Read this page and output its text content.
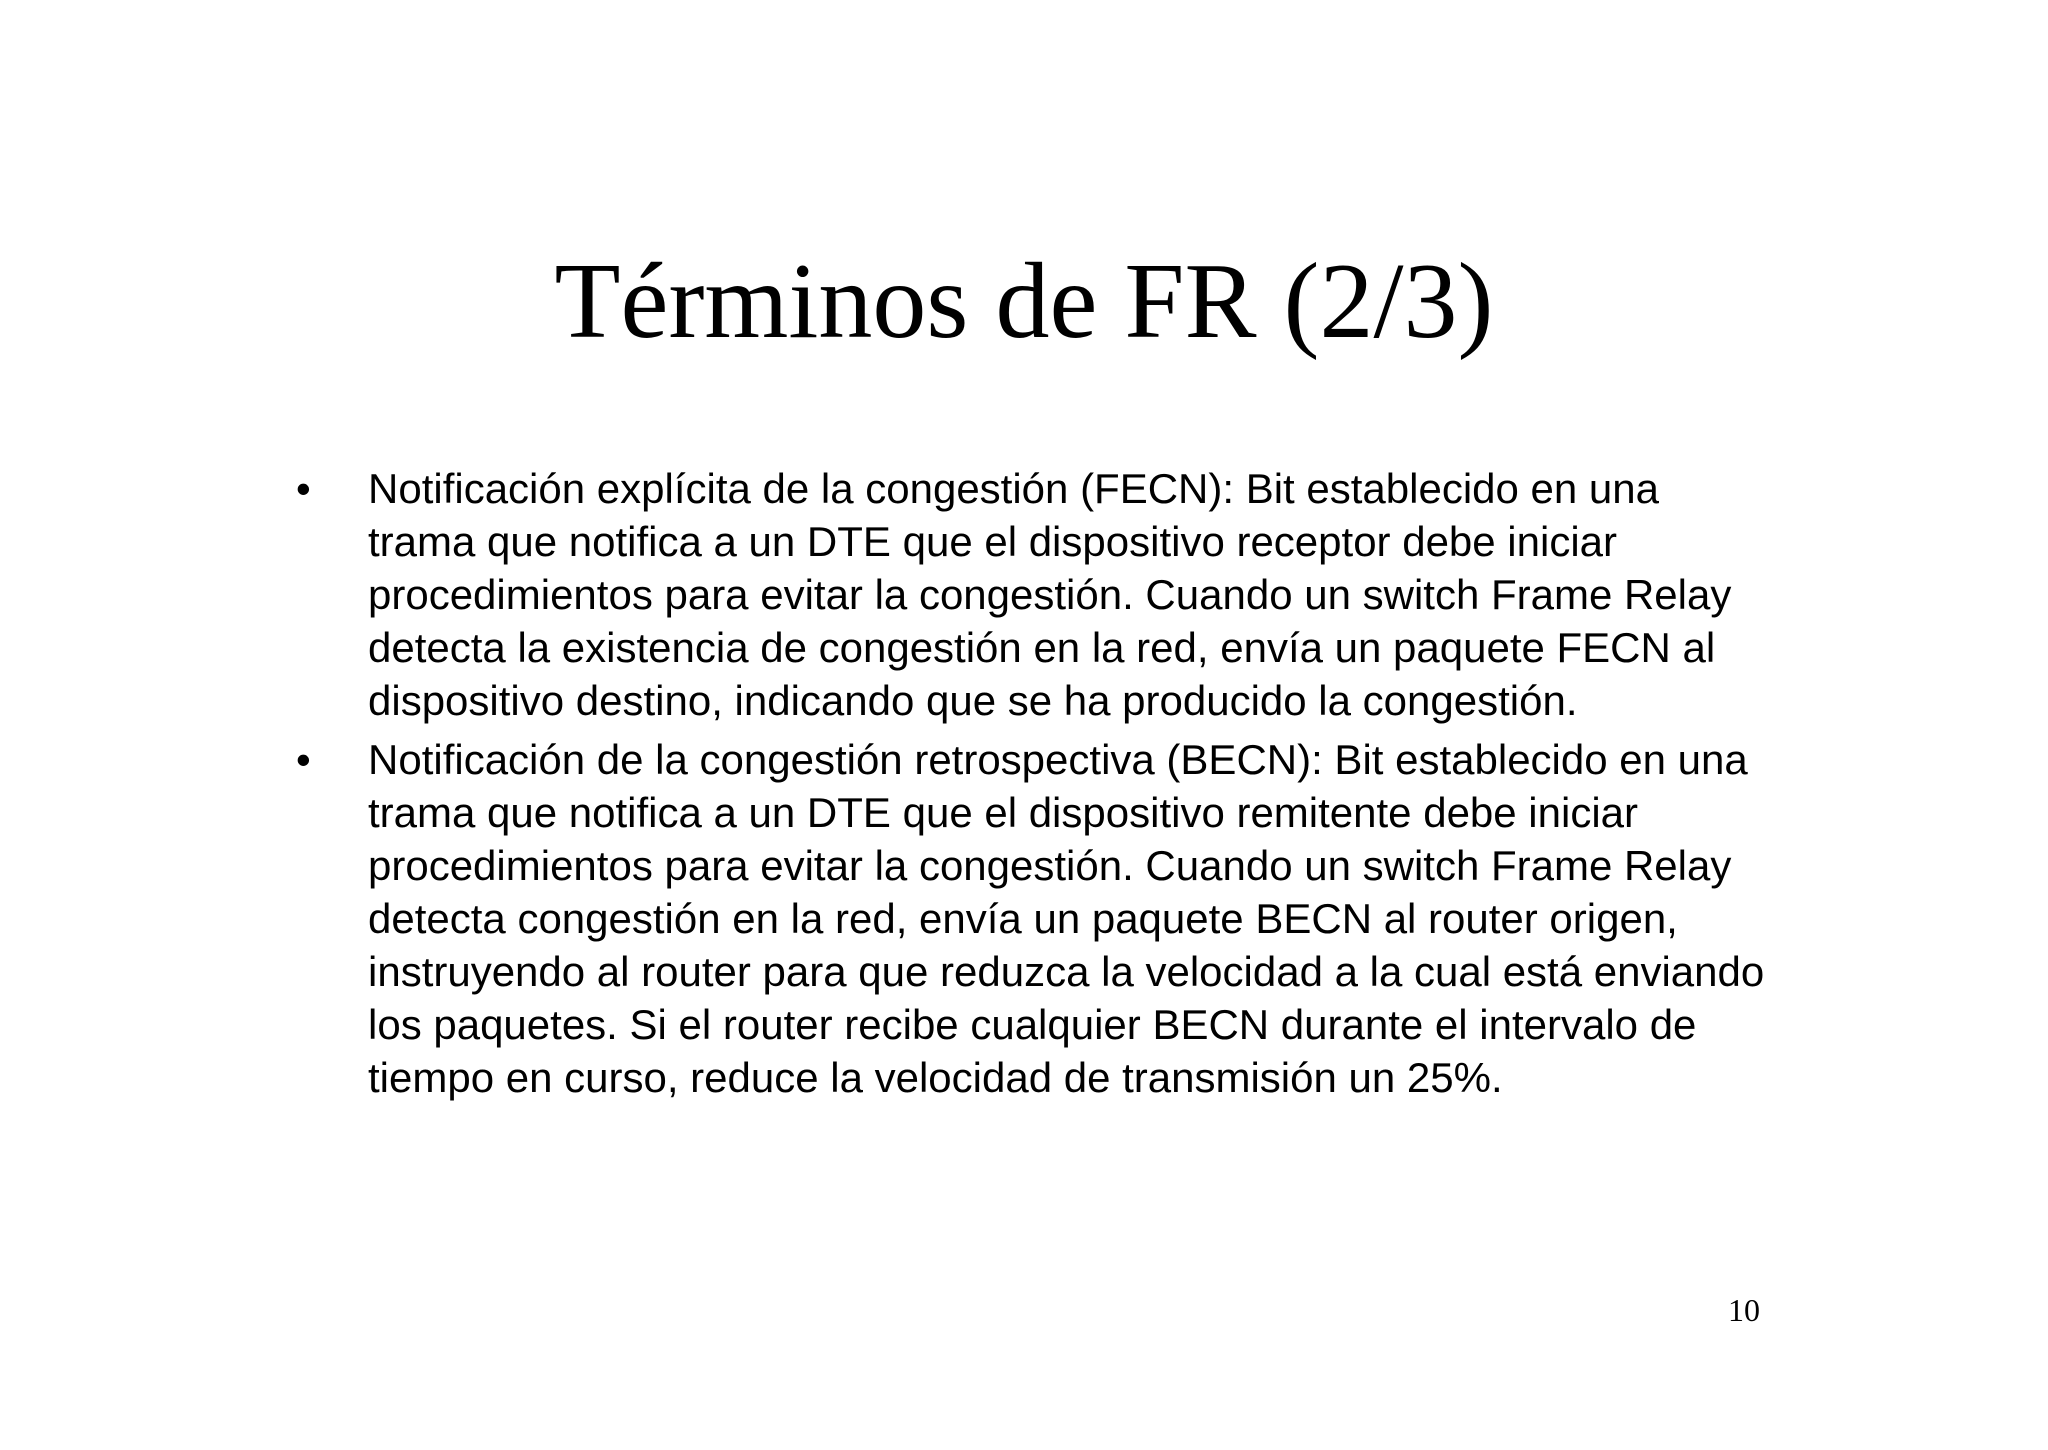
Términos de FR (2/3)
• Notificación explícita de la congestión (FECN): Bit establecido en una trama que notifica a un DTE que el dispositivo receptor debe iniciar procedimientos para evitar la congestión. Cuando un switch Frame Relay detecta la existencia de congestión en la red, envía un paquete FECN al dispositivo destino, indicando que se ha producido la congestión.
• Notificación de la congestión retrospectiva (BECN): Bit establecido en una trama que notifica a un DTE que el dispositivo remitente debe iniciar procedimientos para evitar la congestión. Cuando un switch Frame Relay detecta congestión en la red, envía un paquete BECN al router origen, instruyendo al router para que reduzca la velocidad a la cual está enviando los paquetes. Si el router recibe cualquier BECN durante el intervalo de tiempo en curso, reduce la velocidad de transmisión un 25%.
10
